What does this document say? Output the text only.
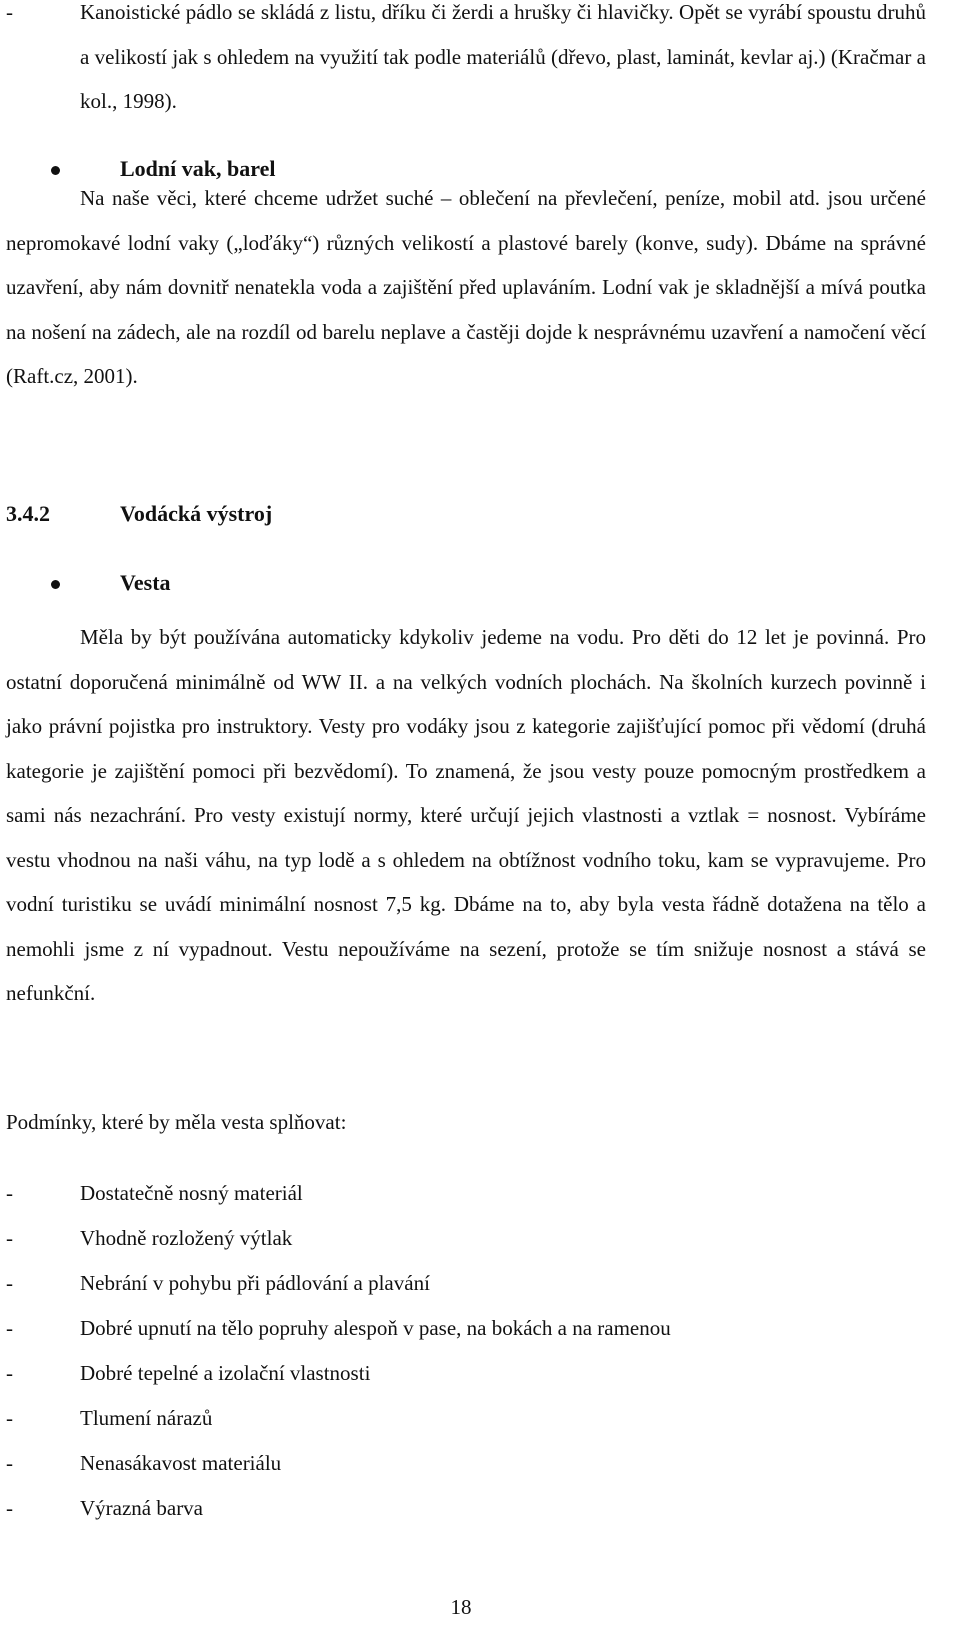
-	Kanoistické pádlo se skládá z listu, dříku či žerdi a hrušky či hlavičky. Opět se vyrábí spoustu druhů a velikostí jak s ohledem na využití tak podle materiálů (dřevo, plast, laminát, kevlar aj.) (Kračmar a kol., 1998).

Lodní vak, barel

Na naše věci, které chceme udržet suché – oblečení na převlečení, peníze, mobil atd. jsou určené nepromokavé lodní vaky („loďáky“) různých velikostí a plastové barely (konve, sudy). Dbáme na správné uzavření, aby nám dovnitř nenatekla voda a zajištění před uplaváním. Lodní vak je skladnější a mívá poutka na nošení na zádech, ale na rozdíl od barelu neplave a častěji dojde k nesprávnému uzavření a namočení věcí (Raft.cz, 2001).

3.4.2	Vodácká výstroj
Vesta

Měla by být používána automaticky kdykoliv jedeme na vodu. Pro děti do 12 let je povinná. Pro ostatní doporučená minimálně od WW II. a na velkých vodních plochách. Na školních kurzech povinně i jako právní pojistka pro instruktory. Vesty pro vodáky jsou z kategorie zajišťující pomoc při vědomí (druhá kategorie je zajištění pomoci při bezvědomí). To znamená, že jsou vesty pouze pomocným prostředkem a sami nás nezachrání. Pro vesty existují normy, které určují jejich vlastnosti a vztlak = nosnost. Vybíráme vestu vhodnou na naši váhu, na typ lodě a s ohledem na obtížnost vodního toku, kam se vypravujeme. Pro vodní turistiku se uvádí minimální nosnost 7,5 kg. Dbáme na to, aby byla vesta řádně dotažena na tělo a nemohli jsme z ní vypadnout. Vestu nepoužíváme na sezení, protože se tím snižuje nosnost a stává se nefunkční.

Podmínky, které by měla vesta splňovat:

-	Dostatečně nosný materiál
-	Vhodně rozložený výtlak
-	Nebrání v pohybu při pádlování a plavání
-	Dobré upnutí na tělo popruhy alespoň v pase, na bokách a na ramenou
-	Dobré tepelné a izolační vlastnosti
-	Tlumení nárazů
-	Nenasákavost materiálu
-	Výrazná barva
18
